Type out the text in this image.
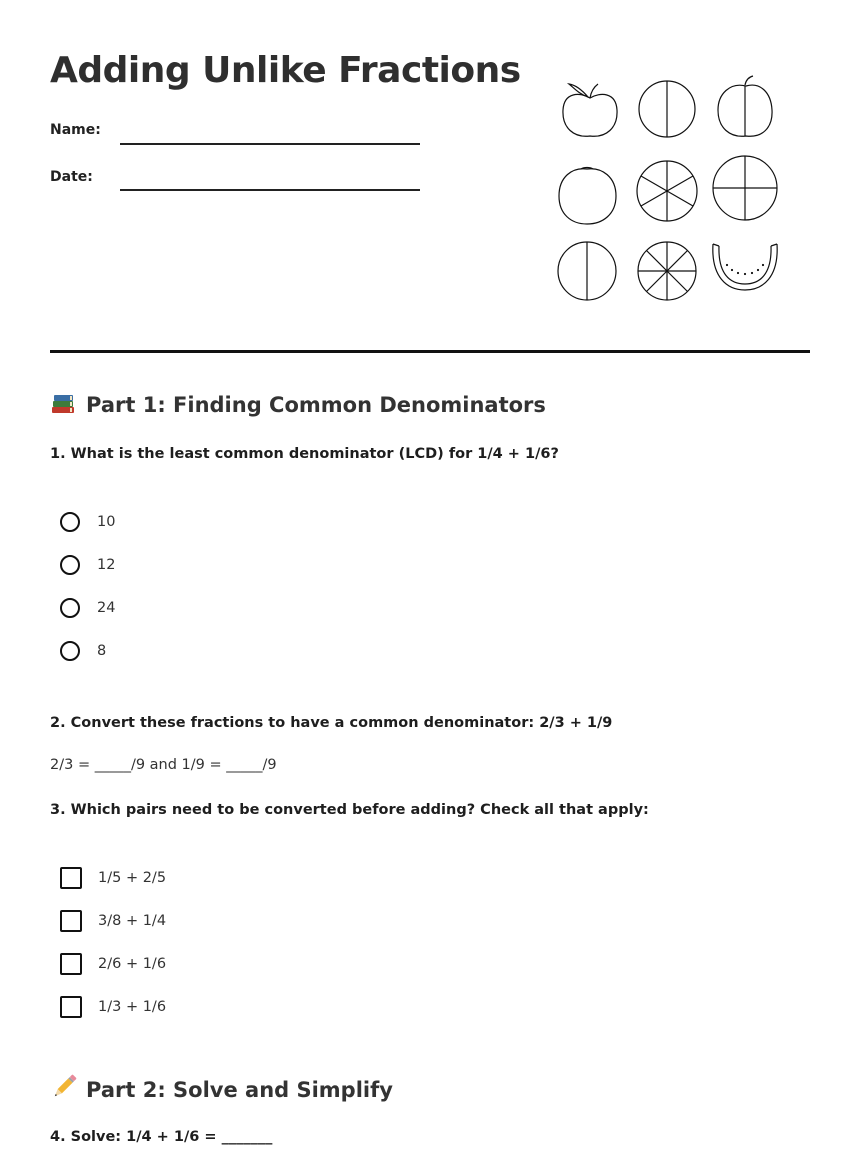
Adding Unlike Fractions
Name:
Date:
Part 1: Finding Common Denominators
1. What is the least common denominator (LCD) for 1/4 + 1/6?
10
12
24
8
2. Convert these fractions to have a common denominator: 2/3 + 1/9
2/3 = _____/9 and 1/9 = _____/9
3. Which pairs need to be converted before adding? Check all that apply:
1/5 + 2/5
3/8 + 1/4
2/6 + 1/6
1/3 + 1/6
Part 2: Solve and Simplify
4. Solve: 1/4 + 1/6 = _______
